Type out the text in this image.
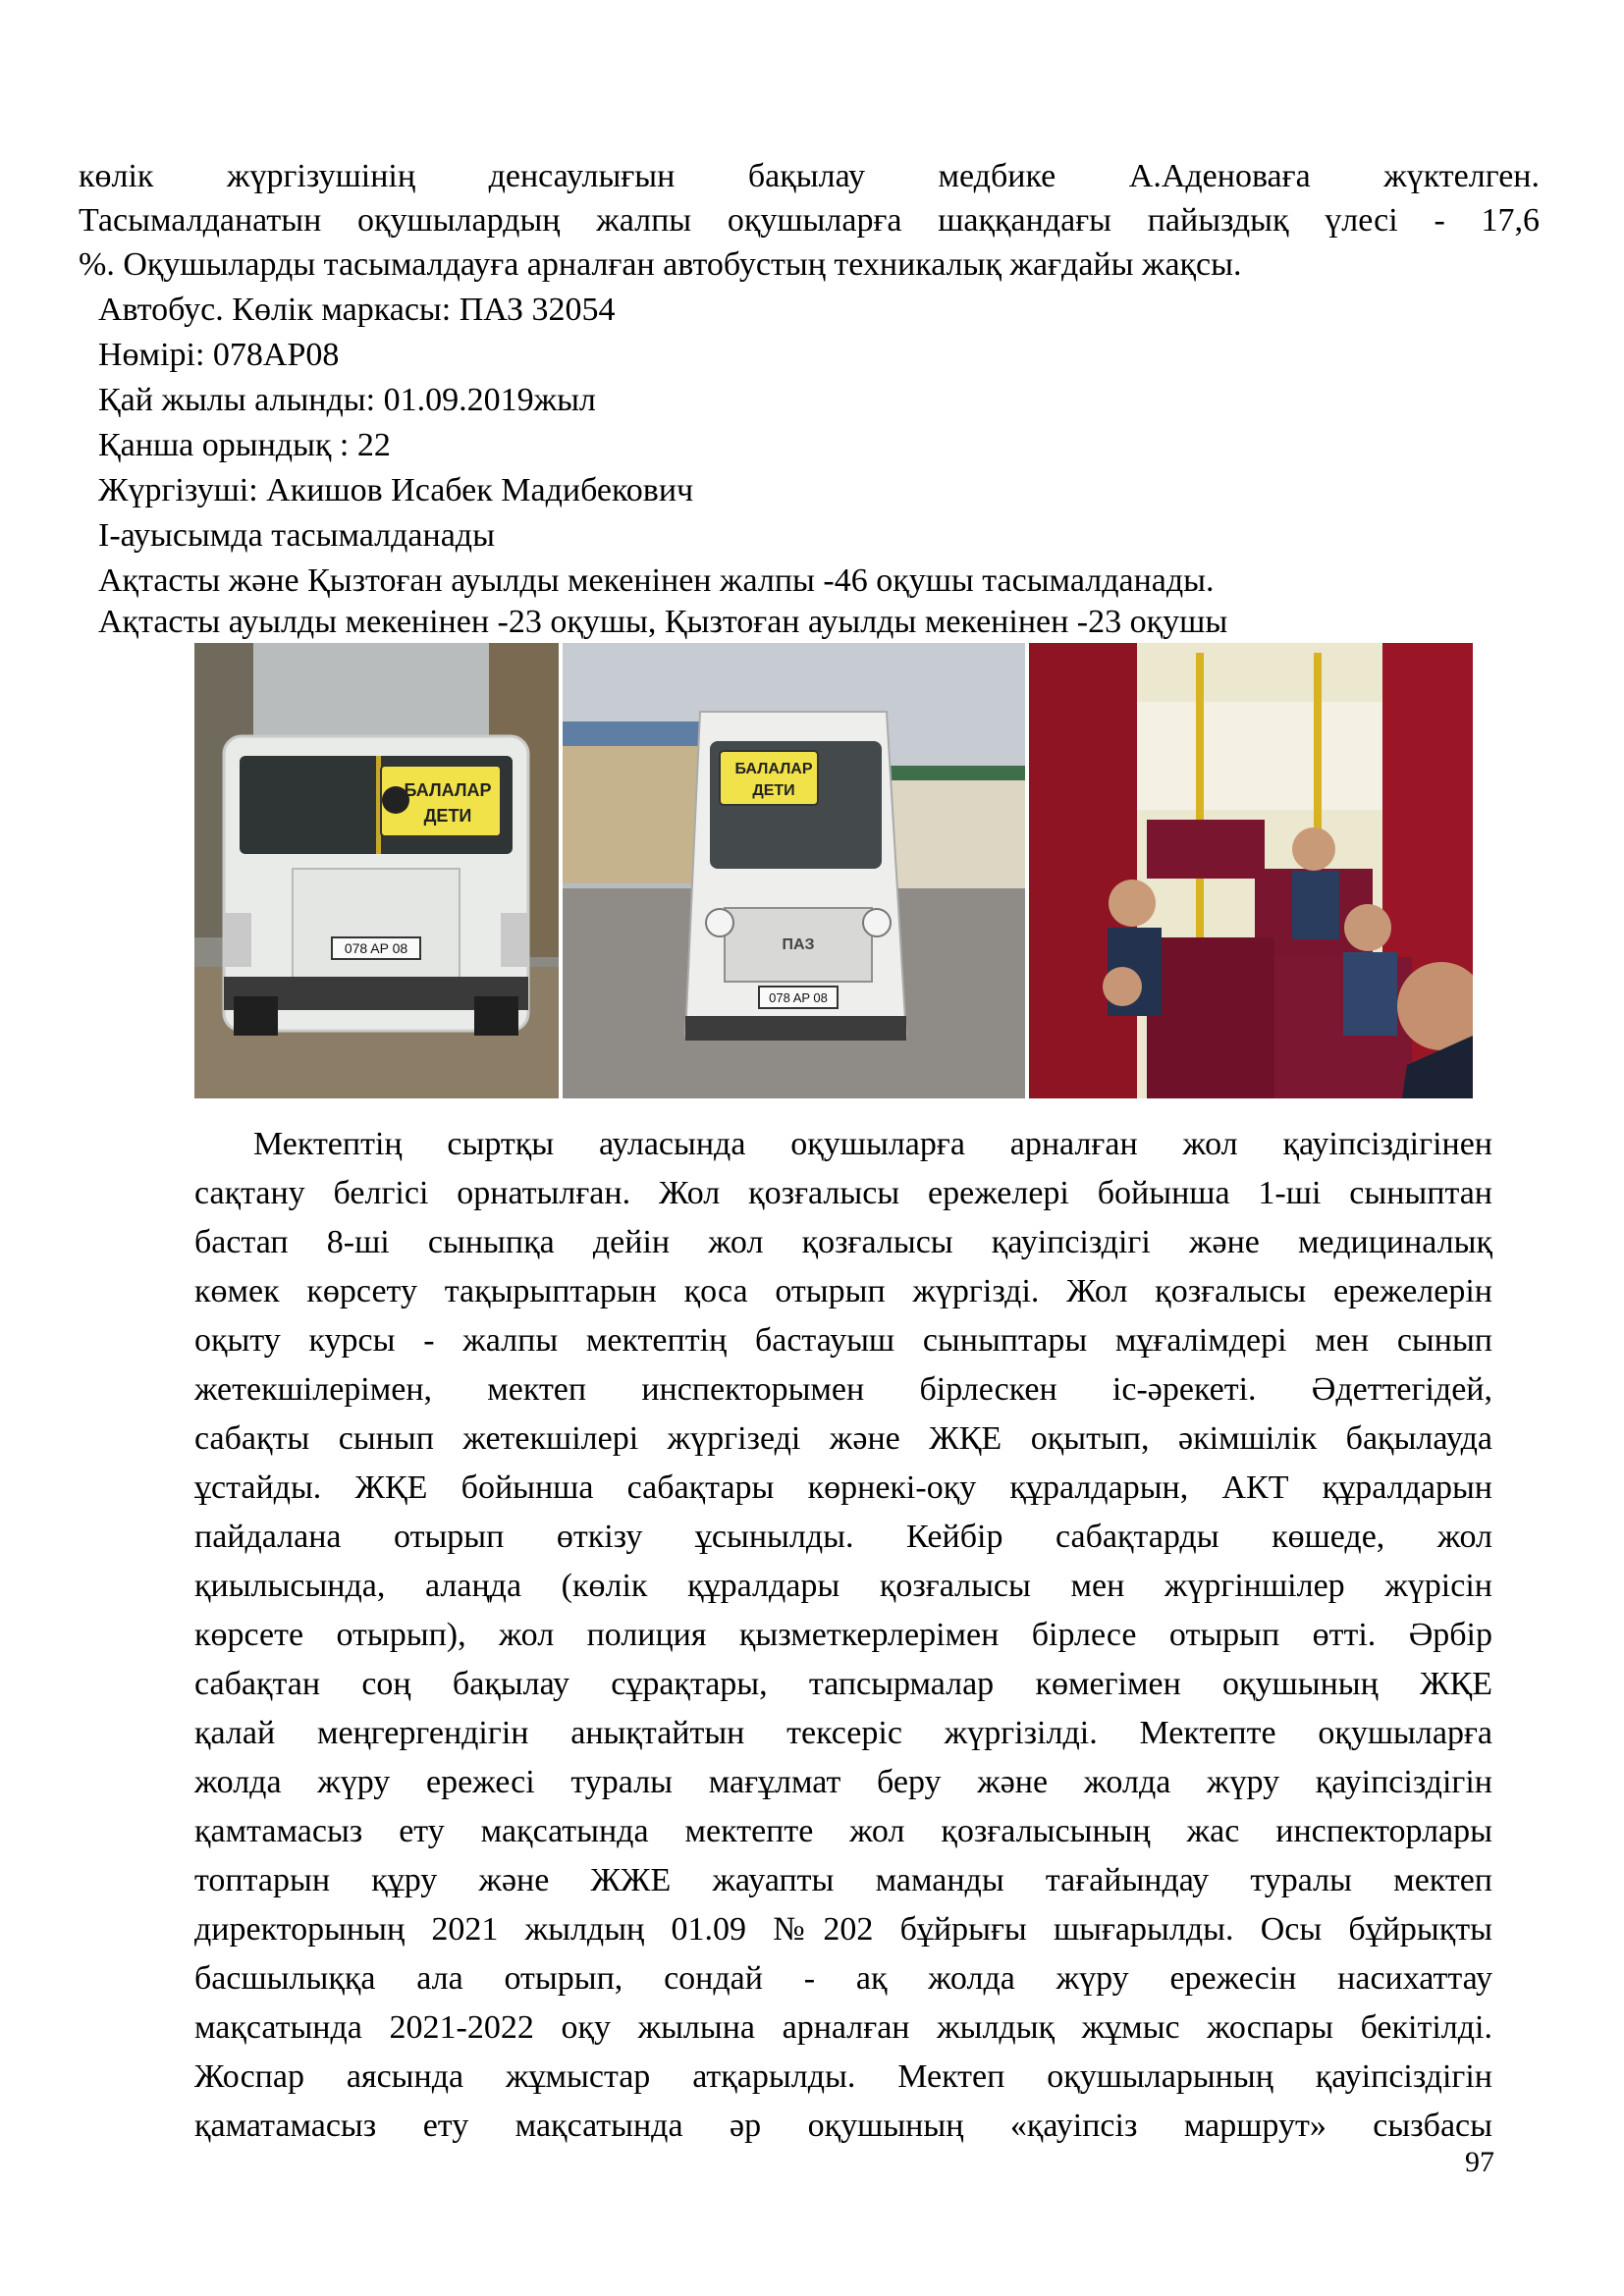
көлік жүргізушінің денсаулығын бақылау медбике А.Аденоваға жүктелген.
Тасымалданатын оқушылардың жалпы оқушыларға шаққандағы пайыздық үлесі - 17,6
%. Оқушыларды тасымалдауға арналған автобустың техникалық жағдайы жақсы.
Автобус. Көлік маркасы: ПАЗ 32054
Нөмірі: 078AP08
Қай жылы алынды: 01.09.2019жыл
Қанша орындық : 22
Жүргізуші: Акишов Исабек Мадибекович
I-ауысымда тасымалданады
Ақтасты және Қызтоған ауылды мекенінен жалпы -46 оқушы тасымалданады.
Ақтасты ауылды мекенінен -23 оқушы, Қызтоған ауылды мекенінен -23 оқушы
БАЛАЛАР
ДЕТИ
078 AP 08
БАЛАЛАР
ДЕТИ
ПАЗ
078 AP 08
Мектептің сыртқы ауласында оқушыларға арналған жол қауіпсіздігінен
сақтану белгісі орнатылған. Жол қозғалысы ережелері бойынша 1-ші сыныптан
бастап 8-ші сыныпқа дейін жол қозғалысы қауіпсіздігі және медициналық
көмек көрсету тақырыптарын қоса отырып жүргізді. Жол қозғалысы ережелерін
оқыту курсы - жалпы мектептің бастауыш сыныптары мұғалімдері мен сынып
жетекшілерімен, мектеп инспекторымен бірлескен іс-әрекеті. Әдеттегідей,
сабақты сынып жетекшілері жүргізеді және ЖҚЕ оқытып, әкімшілік бақылауда
ұстайды. ЖҚЕ бойынша сабақтары көрнекі-оқу құралдарын, АКТ құралдарын
пайдалана отырып өткізу ұсынылды. Кейбір сабақтарды көшеде, жол
қиылысында, алаңда (көлік құралдары қозғалысы мен жүргіншілер жүрісін
көрсете отырып), жол полиция қызметкерлерімен бірлесе отырып өтті. Әрбір
сабақтан соң бақылау сұрақтары, тапсырмалар көмегімен оқушының ЖҚЕ
қалай меңгергендігін анықтайтын тексеріс жүргізілді. Мектепте оқушыларға
жолда жүру ережесі туралы мағұлмат беру және жолда жүру қауіпсіздігін
қамтамасыз ету мақсатында мектепте жол қозғалысының жас инспекторлары
топтарын құру және ЖЖЕ жауапты маманды тағайындау туралы мектеп
директорының 2021 жылдың 01.09 №202 бұйрығы шығарылды. Осы бұйрықты
басшылыққа ала отырып, сондай - ақ жолда жүру ережесін насихаттау
мақсатында 2021-2022 оқу жылына арналған жылдық жұмыс жоспары бекітілді.
Жоспар аясында жұмыстар атқарылды. Мектеп оқушыларының қауіпсіздігін
қаматамасыз ету мақсатында әр оқушының «қауіпсіз маршрут» сызбасы
97
